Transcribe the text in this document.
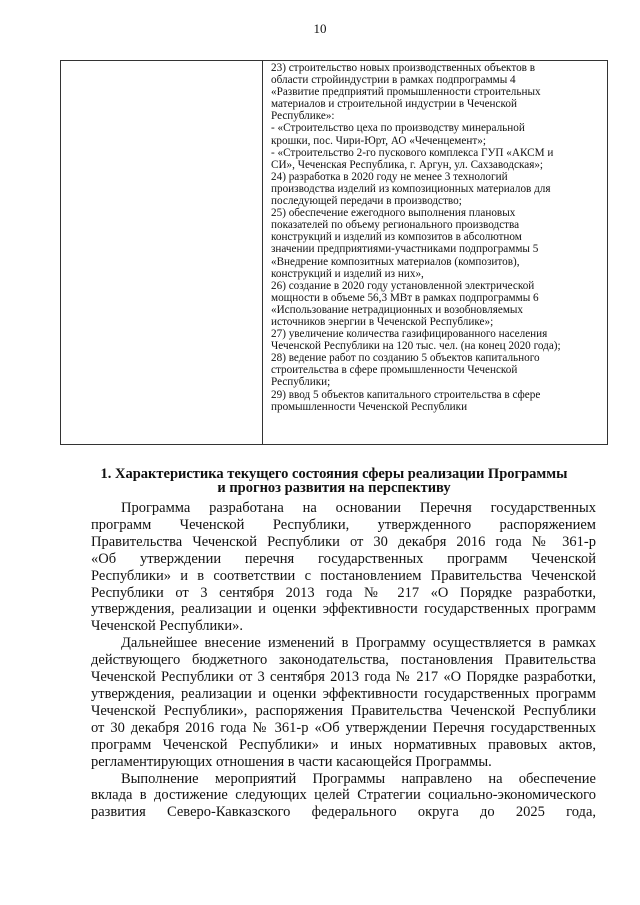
10
23) строительство новых производственных объектов в
области стройиндустрии в рамках подпрограммы 4
«Развитие предприятий промышленности строительных
материалов и строительной индустрии в Чеченской
Республике»:
- «Строительство цеха по производству минеральной
крошки, пос. Чири-Юрт, АО «Чеченцемент»;
- «Строительство 2-го пускового комплекса ГУП «АКСМ и
СИ», Чеченская Республика, г. Аргун, ул. Сахзаводская»;
24) разработка в 2020 году не менее 3 технологий
производства изделий из композиционных материалов для
последующей передачи в производство;
25) обеспечение ежегодного выполнения плановых
показателей по объему регионального производства
конструкций и изделий из композитов в абсолютном
значении предприятиями-участниками подпрограммы 5
«Внедрение композитных материалов (композитов),
конструкций и изделий из них»,
26) создание в 2020 году установленной электрической
мощности в объеме 56,3 МВт в рамках подпрограммы 6
«Использование нетрадиционных и возобновляемых
источников энергии в Чеченской Республике»;
27) увеличение количества газифицированного населения
Чеченской Республики на 120 тыс. чел. (на конец 2020 года);
28) ведение работ по созданию 5 объектов капитального
строительства в сфере промышленности Чеченской
Республики;
29) ввод 5 объектов капитального строительства в сфере
промышленности Чеченской Республики
1. Характеристика текущего состояния сферы реализации Программы
и прогноз развития на перспективу
Программа разработана на основании Перечня государственных
программ Чеченской Республики, утвержденного распоряжением
Правительства Чеченской Республики от 30 декабря 2016 года № 361-р
«Об утверждении перечня государственных программ Чеченской
Республики» и в соответствии с постановлением Правительства Чеченской
Республики от 3 сентября 2013 года № 217 «О Порядке разработки,
утверждения, реализации и оценки эффективности государственных программ
Чеченской Республики».
Дальнейшее внесение изменений в Программу осуществляется в рамках
действующего бюджетного законодательства, постановления Правительства
Чеченской Республики от 3 сентября 2013 года № 217 «О Порядке разработки,
утверждения, реализации и оценки эффективности государственных программ
Чеченской Республики», распоряжения Правительства Чеченской Республики
от 30 декабря 2016 года № 361-р «Об утверждении Перечня государственных
программ Чеченской Республики» и иных нормативных правовых актов,
регламентирующих отношения в части касающейся Программы.
Выполнение мероприятий Программы направлено на обеспечение
вклада в достижение следующих целей Стратегии социально-экономического
развития Северо-Кавказского федерального округа до 2025 года,
